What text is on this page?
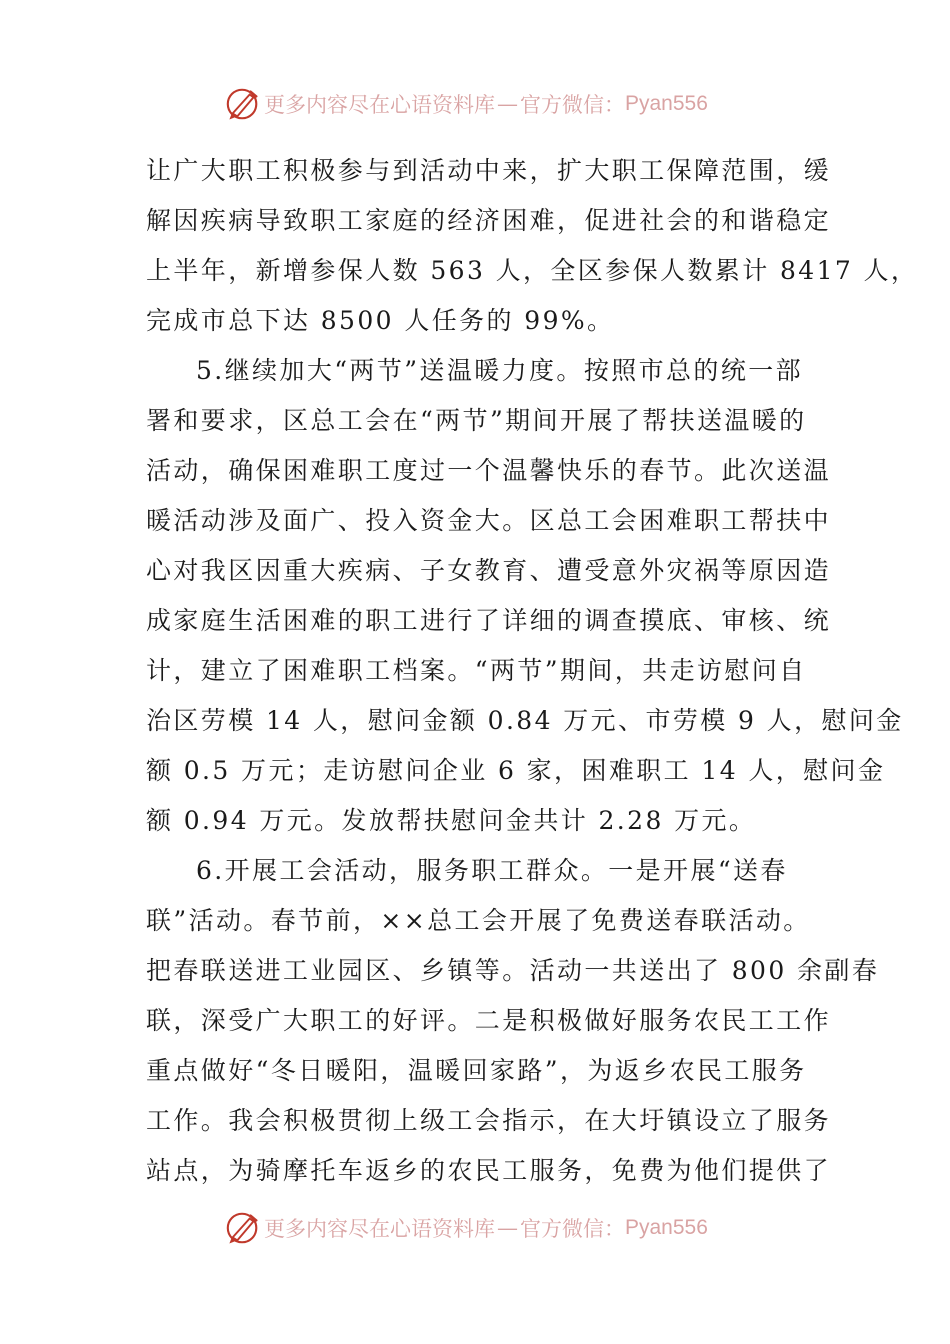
更多内容尽在心语资料库 — 官方微信： Pyan556
让广大职工积极参与到活动中来，扩大职工保障范围，缓
解因疾病导致职工家庭的经济困难，促进社会的和谐稳定
上半年，新增参保人数 563 人，全区参保人数累计 8417 人，
完成市总下达 8500 人任务的 99%。
5.继续加大“两节”送温暖力度。按照市总的统一部
署和要求，区总工会在“两节”期间开展了帮扶送温暖的
活动，确保困难职工度过一个温馨快乐的春节。此次送温
暖活动涉及面广、投入资金大。区总工会困难职工帮扶中
心对我区因重大疾病、子女教育、遭受意外灾祸等原因造
成家庭生活困难的职工进行了详细的调查摸底、审核、统
计，建立了困难职工档案。“两节”期间，共走访慰问自
治区劳模 14 人，慰问金额 0.84 万元、市劳模 9 人，慰问金
额 0.5 万元；走访慰问企业 6 家，困难职工 14 人，慰问金
额 0.94 万元。发放帮扶慰问金共计 2.28 万元。
6.开展工会活动，服务职工群众。一是开展“送春
联”活动。春节前，××总工会开展了免费送春联活动。
把春联送进工业园区、乡镇等。活动一共送出了 800 余副春
联，深受广大职工的好评。二是积极做好服务农民工工作
重点做好“冬日暖阳，温暖回家路”，为返乡农民工服务
工作。我会积极贯彻上级工会指示，在大圩镇设立了服务
站点，为骑摩托车返乡的农民工服务，免费为他们提供了
更多内容尽在心语资料库 — 官方微信： Pyan556
